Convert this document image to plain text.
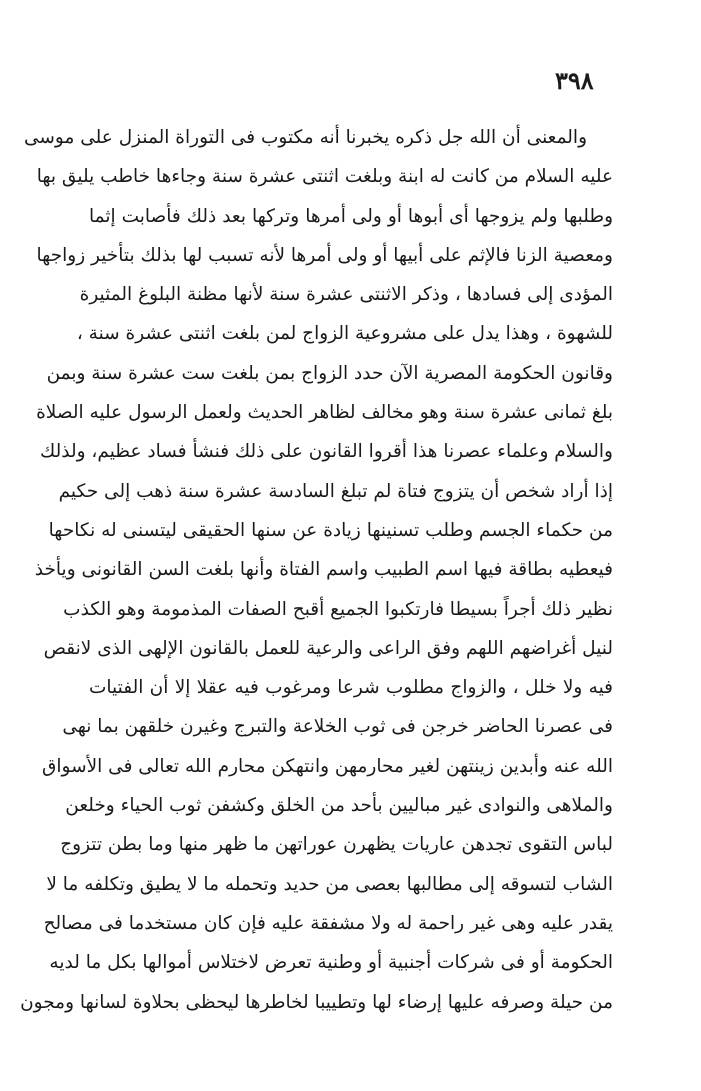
٣٩٨
والمعنى أن الله جل ذكره يخبرنا أنه مكتوب فى التوراة المنزل على موسى
عليه السلام من كانت له ابنة وبلغت اثنتى عشرة سنة وجاءها خاطب يليق بها
وطلبها ولم يزوجها أى أبوها أو ولى أمرها وتركها بعد ذلك فأصابت إثما
ومعصية الزنا فالإثم على أبيها أو ولى أمرها لأنه تسبب لها بذلك بتأخير زواجها
المؤدى إلى فسادها ، وذكر الاثنتى عشرة سنة لأنها مظنة البلوغ المثيرة
للشهوة ، وهذا يدل على مشروعية الزواج لمن بلغت اثنتى عشرة سنة ،
وقانون الحكومة المصرية الآن حدد الزواج بمن بلغت ست عشرة سنة وبمن
بلغ ثمانى عشرة سنة وهو مخالف لظاهر الحديث ولعمل الرسول عليه الصلاة
والسلام وعلماء عصرنا هذا أقروا القانون على ذلك فنشأ فساد عظيم، ولذلك
إذا أراد شخص أن يتزوج فتاة لم تبلغ السادسة عشرة سنة ذهب إلى حكيم
من حكماء الجسم وطلب تسنينها زيادة عن سنها الحقيقى ليتسنى له نكاحها
فيعطيه بطاقة فيها اسم الطبيب واسم الفتاة وأنها بلغت السن القانونى ويأخذ
نظير ذلك أجراً بسيطا فارتكبوا الجميع أقبح الصفات المذمومة وهو الكذب
لنيل أغراضهم اللهم وفق الراعى والرعية للعمل بالقانون الإلهى الذى لانقص
فيه ولا خلل ، والزواج مطلوب شرعا ومرغوب فيه عقلا إلا أن الفتيات
فى عصرنا الحاضر خرجن فى ثوب الخلاعة والتبرج وغيرن خلقهن بما نهى
الله عنه وأبدين زينتهن لغير محارمهن وانتهكن محارم الله تعالى فى الأسواق
والملاهى والنوادى غير مباليين بأحد من الخلق وكشفن ثوب الحياء وخلعن
لباس التقوى تجدهن عاريات يظهرن عوراتهن ما ظهر منها وما بطن تتزوج
الشاب لتسوقه إلى مطالبها بعصى من حديد وتحمله ما لا يطيق وتكلفه ما لا
يقدر عليه وهى غير راحمة له ولا مشفقة عليه فإن كان مستخدما فى مصالح
الحكومة أو فى شركات أجنبية أو وطنية تعرض لاختلاس أموالها بكل ما لديه
من حيلة وصرفه عليها إرضاء لها وتطييبا لخاطرها ليحظى بحلاوة لسانها ومجون
